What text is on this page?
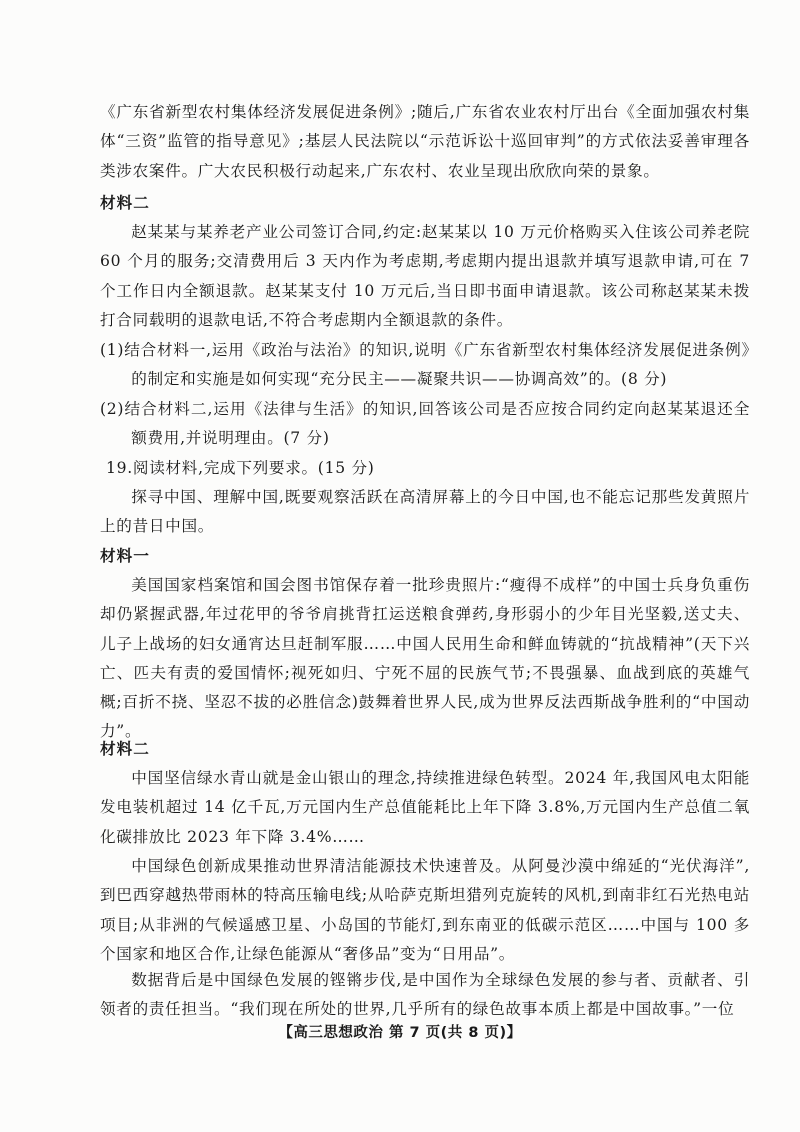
《广东省新型农村集体经济发展促进条例》;随后,广东省农业农村厅出台《全面加强农村集体“三资”监管的指导意见》;基层人民法院以“示范诉讼十巡回审判”的方式依法妥善审理各类涉农案件。广大农民积极行动起来,广东农村、农业呈现出欣欣向荣的景象。

材料二

赵某某与某养老产业公司签订合同,约定:赵某某以 10 万元价格购买入住该公司养老院 60 个月的服务;交清费用后 3 天内作为考虑期,考虑期内提出退款并填写退款申请,可在 7 个工作日内全额退款。赵某某支付 10 万元后,当日即书面申请退款。该公司称赵某某未拨打合同载明的退款电话,不符合考虑期内全额退款的条件。

(1)结合材料一,运用《政治与法治》的知识,说明《广东省新型农村集体经济发展促进条例》的制定和实施是如何实现“充分民主——凝聚共识——协调高效”的。(8 分)

(2)结合材料二,运用《法律与生活》的知识,回答该公司是否应按合同约定向赵某某退还全额费用,并说明理由。(7 分)

19.阅读材料,完成下列要求。(15 分)

探寻中国、理解中国,既要观察活跃在高清屏幕上的今日中国,也不能忘记那些发黄照片上的昔日中国。

材料一

美国国家档案馆和国会图书馆保存着一批珍贵照片:“瘦得不成样”的中国士兵身负重伤却仍紧握武器,年过花甲的爷爷肩挑背扛运送粮食弹药,身形弱小的少年目光坚毅,送丈夫、儿子上战场的妇女通宵达旦赶制军服……中国人民用生命和鲜血铸就的“抗战精神”(天下兴亡、匹夫有责的爱国情怀;视死如归、宁死不屈的民族气节;不畏强暴、血战到底的英雄气概;百折不挠、坚忍不拔的必胜信念)鼓舞着世界人民,成为世界反法西斯战争胜利的“中国动力”。

材料二

中国坚信绿水青山就是金山银山的理念,持续推进绿色转型。2024 年,我国风电太阳能发电装机超过 14 亿千瓦,万元国内生产总值能耗比上年下降 3.8%,万元国内生产总值二氧化碳排放比 2023 年下降 3.4%……

中国绿色创新成果推动世界清洁能源技术快速普及。从阿曼沙漠中绵延的“光伏海洋”,到巴西穿越热带雨林的特高压输电线;从哈萨克斯坦猎列克旋转的风机,到南非红石光热电站项目;从非洲的气候遥感卫星、小岛国的节能灯,到东南亚的低碳示范区……中国与 100 多个国家和地区合作,让绿色能源从“奢侈品”变为“日用品”。

数据背后是中国绿色发展的铿锵步伐,是中国作为全球绿色发展的参与者、贡献者、引领者的责任担当。“我们现在所处的世界,几乎所有的绿色故事本质上都是中国故事。”一位

【高三思想政治 第 7 页(共 8 页)】
